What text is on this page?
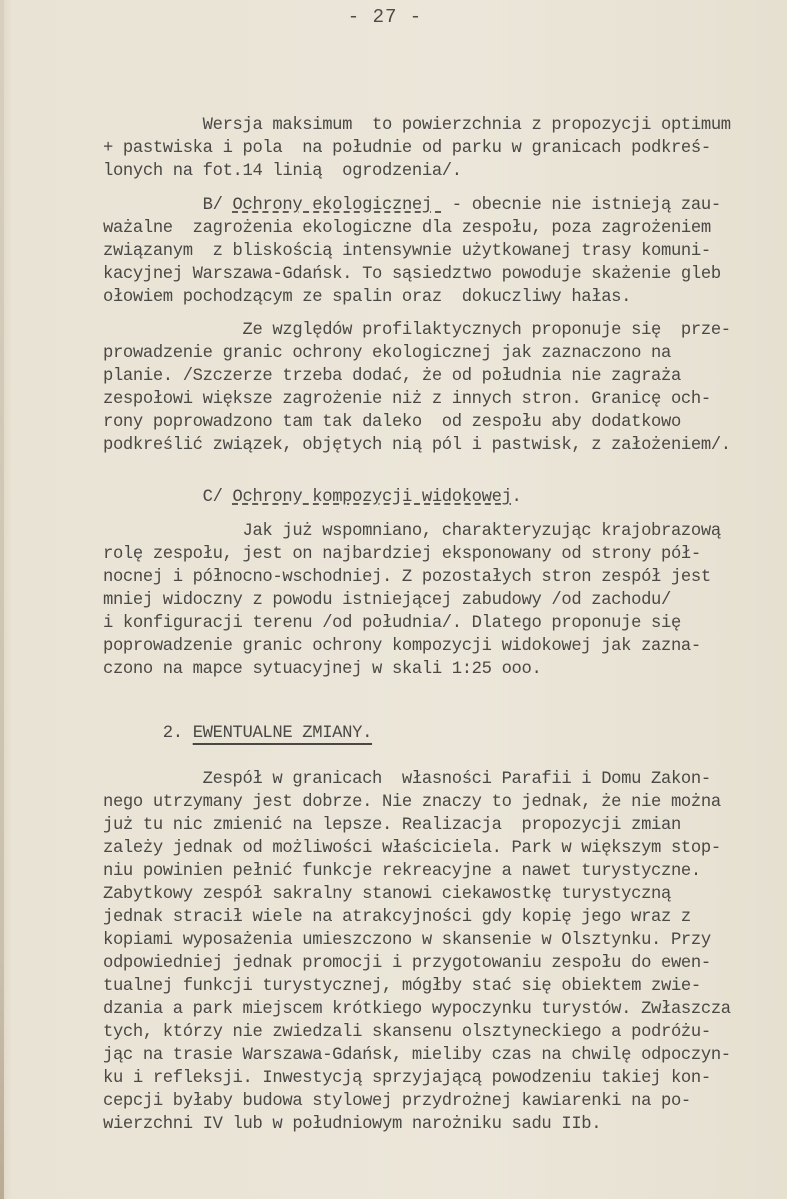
- 27 -
Wersja maksimum  to powierzchnia z propozycji optimum
+ pastwiska i pola  na południe od parku w granicach podkreś-
lonych na fot.14 linią  ogrodzenia/.
B/ Ochrony ekologicznej  - obecnie nie istnieją zau-
ważalne  zagrożenia ekologiczne dla zespołu, poza zagrożeniem
związanym  z bliskością intensywnie użytkowanej trasy komuni-
kacyjnej Warszawa-Gdańsk. To sąsiedztwo powoduje skażenie gleb
ołowiem pochodzącym ze spalin oraz  dokuczliwy hałas.
Ze względów profilaktycznych proponuje się  prze-
prowadzenie granic ochrony ekologicznej jak zaznaczono na
planie. /Szczerze trzeba dodać, że od południa nie zagraża
zespołowi większe zagrożenie niż z innych stron. Granicę och-
rony poprowadzono tam tak daleko  od zespołu aby dodatkowo
podkreślić związek, objętych nią pól i pastwisk, z założeniem/.
C/ Ochrony kompozycji widokowej.
Jak już wspomniano, charakteryzując krajobrazową
rolę zespołu, jest on najbardziej eksponowany od strony pół-
nocnej i północno-wschodniej. Z pozostałych stron zespół jest
mniej widoczny z powodu istniejącej zabudowy /od zachodu/
i konfiguracji terenu /od południa/. Dlatego proponuje się
poprowadzenie granic ochrony kompozycji widokowej jak zazna-
czono na mapce sytuacyjnej w skali 1:25 ooo.
2. EWENTUALNE ZMIANY.
Zespół w granicach  własności Parafii i Domu Zakon-
nego utrzymany jest dobrze. Nie znaczy to jednak, że nie można
już tu nic zmienić na lepsze. Realizacja  propozycji zmian
zależy jednak od możliwości właściciela. Park w większym stop-
niu powinien pełnić funkcje rekreacyjne a nawet turystyczne.
Zabytkowy zespół sakralny stanowi ciekawostkę turystyczną
jednak stracił wiele na atrakcyjności gdy kopię jego wraz z
kopiami wyposażenia umieszczono w skansenie w Olsztynku. Przy
odpowiedniej jednak promocji i przygotowaniu zespołu do ewen-
tualnej funkcji turystycznej, mógłby stać się obiektem zwie-
dzania a park miejscem krótkiego wypoczynku turystów. Zwłaszcza
tych, którzy nie zwiedzali skansenu olsztyneckiego a podróżu-
jąc na trasie Warszawa-Gdańsk, mieliby czas na chwilę odpoczyn-
ku i refleksji. Inwestycją sprzyjającą powodzeniu takiej kon-
cepcji byłaby budowa stylowej przydrożnej kawiarenki na po-
wierzchni IV lub w południowym narożniku sadu IIb.
